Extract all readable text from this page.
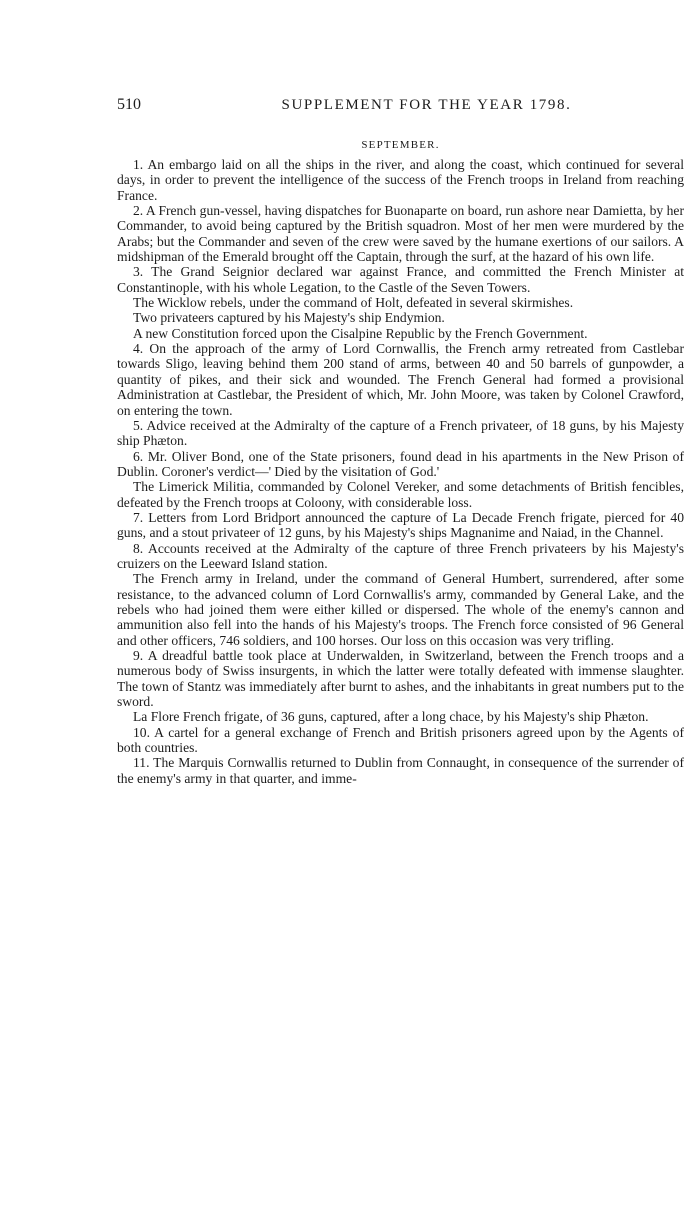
510	SUPPLEMENT FOR THE YEAR 1798.
SEPTEMBER.

1. An embargo laid on all the ships in the river, and along the coast, which continued for several days, in order to prevent the intelligence of the success of the French troops in Ireland from reaching France.

2. A French gun-vessel, having dispatches for Buonaparte on board, run ashore near Damietta, by her Commander, to avoid being captured by the British squadron. Most of her men were murdered by the Arabs; but the Commander and seven of the crew were saved by the humane exertions of our sailors. A midshipman of the Emerald brought off the Captain, through the surf, at the hazard of his own life.

3. The Grand Seignior declared war against France, and committed the French Minister at Constantinople, with his whole Legation, to the Castle of the Seven Towers.

The Wicklow rebels, under the command of Holt, defeated in several skirmishes.

Two privateers captured by his Majesty's ship Endymion.

A new Constitution forced upon the Cisalpine Republic by the French Government.

4. On the approach of the army of Lord Cornwallis, the French army retreated from Castlebar towards Sligo, leaving behind them 200 stand of arms, between 40 and 50 barrels of gunpowder, a quantity of pikes, and their sick and wounded. The French General had formed a provisional Administration at Castlebar, the President of which, Mr. John Moore, was taken by Colonel Crawford, on entering the town.

5. Advice received at the Admiralty of the capture of a French privateer, of 18 guns, by his Majesty ship Phæton.

6. Mr. Oliver Bond, one of the State prisoners, found dead in his apartments in the New Prison of Dublin. Coroner's verdict—' Died by the visitation of God.'

The Limerick Militia, commanded by Colonel Vereker, and some detachments of British fencibles, defeated by the French troops at Coloony, with considerable loss.

7. Letters from Lord Bridport announced the capture of La Decade French frigate, pierced for 40 guns, and a stout privateer of 12 guns, by his Majesty's ships Magnanime and Naiad, in the Channel.

8. Accounts received at the Admiralty of the capture of three French privateers by his Majesty's cruizers on the Leeward Island station.

The French army in Ireland, under the command of General Humbert, surrendered, after some resistance, to the advanced column of Lord Cornwallis's army, commanded by General Lake, and the rebels who had joined them were either killed or dispersed. The whole of the enemy's cannon and ammunition also fell into the hands of his Majesty's troops. The French force consisted of 96 General and other officers, 746 soldiers, and 100 horses. Our loss on this occasion was very trifling.

9. A dreadful battle took place at Underwalden, in Switzerland, between the French troops and a numerous body of Swiss insurgents, in which the latter were totally defeated with immense slaughter. The town of Stantz was immediately after burnt to ashes, and the inhabitants in great numbers put to the sword.

La Flore French frigate, of 36 guns, captured, after a long chace, by his Majesty's ship Phæton.

10. A cartel for a general exchange of French and British prisoners agreed upon by the Agents of both countries.

11. The Marquis Cornwallis returned to Dublin from Connaught, in consequence of the surrender of the enemy's army in that quarter, and imme-
